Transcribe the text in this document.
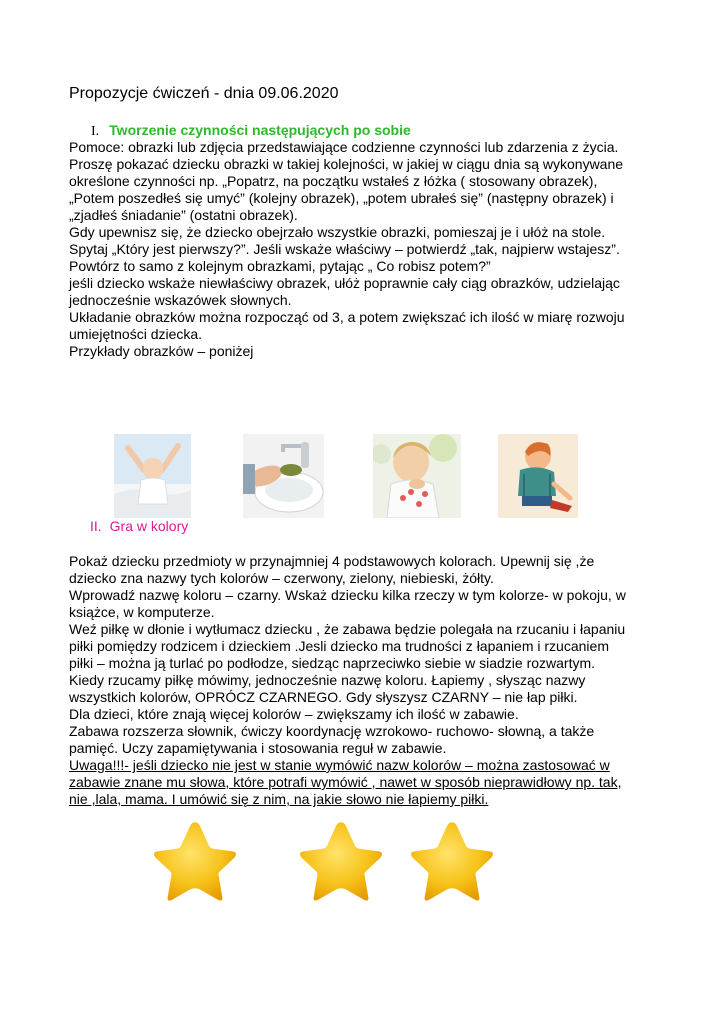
Propozycje ćwiczeń - dnia 09.06.2020
I. Tworzenie czynności następujących po sobie

Pomoce: obrazki lub zdjęcia przedstawiające codzienne czynności lub zdarzenia z życia.

Proszę pokazać dziecku obrazki w takiej kolejności, w jakiej w ciągu dnia są wykonywane

określone czynności np. „Popatrz, na początku wstałeś z łóżka ( stosowany obrazek),

„Potem poszedłeś się umyć” (kolejny obrazek), „potem ubrałeś się” (następny obrazek) i

„zjadłeś śniadanie” (ostatni obrazek).

Gdy upewnisz się, że dziecko obejrzało wszystkie obrazki, pomieszaj je i ułóż na stole.

Spytaj „Który jest pierwszy?”. Jeśli wskaże właściwy – potwierdź „tak, najpierw wstajesz”.

Powtórz to samo z kolejnym obrazkami, pytając „ Co robisz potem?”

jeśli dziecko wskaże niewłaściwy obrazek, ułóż poprawnie cały ciąg obrazków, udzielając

jednocześnie wskazówek słownych.

Układanie obrazków można rozpocząć od 3, a potem zwiększać ich ilość w miarę rozwoju

umiejętności dziecka.

Przykłady obrazków – poniżej

II. Gra w kolory

Pokaż dziecku przedmioty w przynajmniej 4 podstawowych kolorach. Upewnij się ,że

dziecko zna nazwy tych kolorów – czerwony, zielony, niebieski, żółty.

Wprowadź nazwę koloru – czarny. Wskaż dziecku kilka rzeczy w tym kolorze- w pokoju, w

książce, w komputerze.

Weź piłkę w dłonie i wytłumacz dziecku , że zabawa będzie polegała na rzucaniu i łapaniu

piłki pomiędzy rodzicem i dzieckiem .Jesli dziecko ma trudności z łapaniem i rzucaniem

piłki – można ją turlać po podłodze, siedząc naprzeciwko siebie w siadzie rozwartym.

Kiedy rzucamy piłkę mówimy, jednocześnie nazwę koloru. Łapiemy , słysząc nazwy

wszystkich kolorów, OPRÓCZ CZARNEGO. Gdy słyszysz CZARNY – nie łap piłki.

Dla dzieci, które znają więcej kolorów – zwiększamy ich ilość w zabawie.

Zabawa rozszerza słownik, ćwiczy koordynację wzrokowo- ruchowo- słowną, a także

pamięć. Uczy zapamiętywania i stosowania reguł w zabawie.

Uwaga!!!- jeśli dziecko nie jest w stanie wymówić nazw kolorów – można zastosować w

zabawie znane mu słowa, które potrafi wymówić , nawet w sposób nieprawidłowy np. tak,

nie ,lala, mama. I umówić się z nim, na jakie słowo nie łapiemy piłki.
